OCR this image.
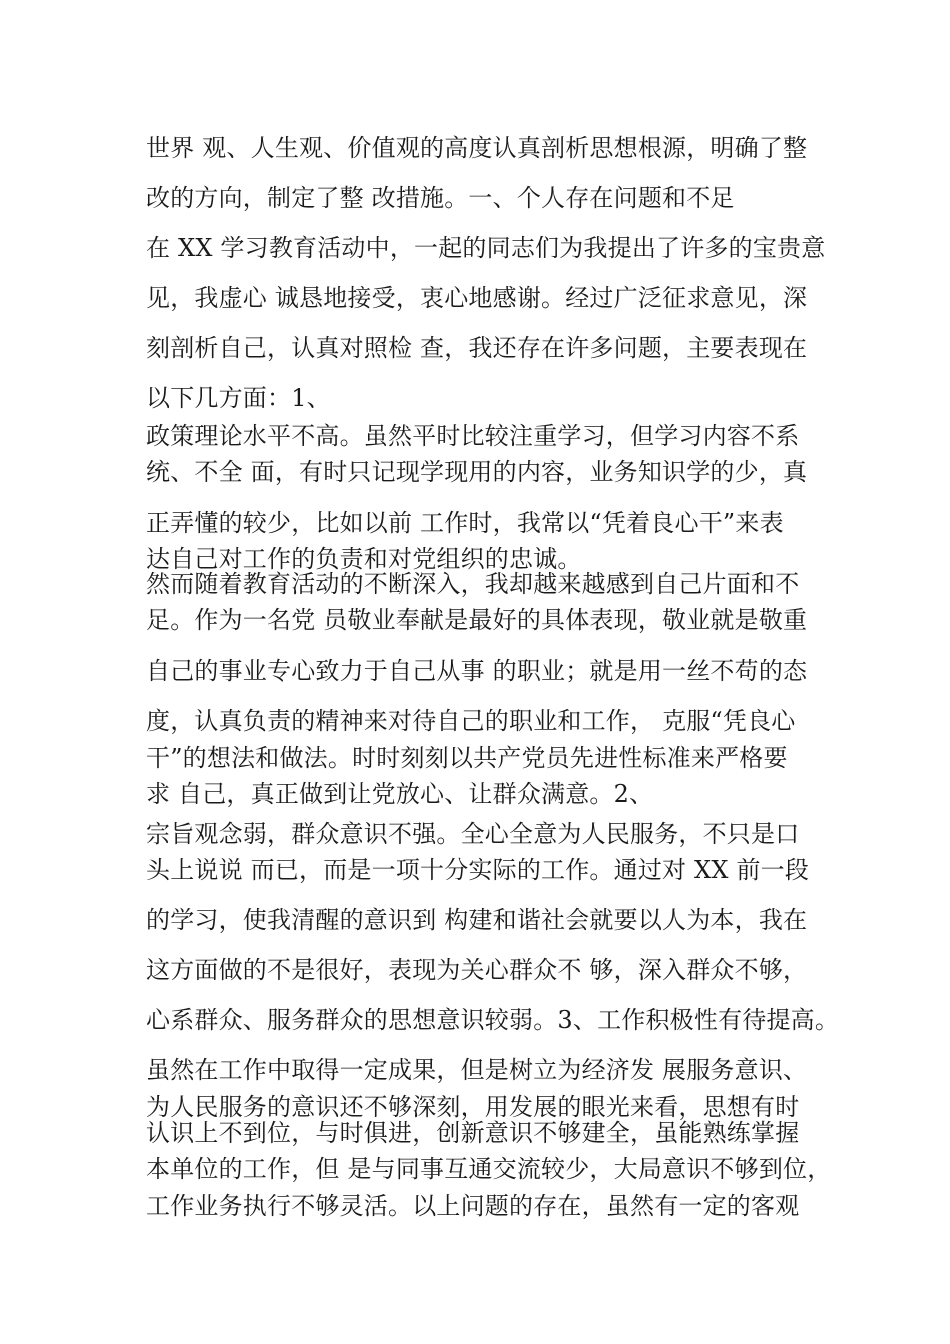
世界 观、人生观、价值观的高度认真剖析思想根源，明确了整
改的方向，制定了整 改措施。一、个人存在问题和不足
在 XX 学习教育活动中，一起的同志们为我提出了许多的宝贵意
见，我虚心 诚恳地接受，衷心地感谢。经过广泛征求意见，深
刻剖析自己，认真对照检 查，我还存在许多问题，主要表现在
以下几方面：1、
政策理论水平不高。虽然平时比较注重学习，但学习内容不系
统、不全 面，有时只记现学现用的内容，业务知识学的少，真
正弄懂的较少，比如以前 工作时，我常以“凭着良心干”来表
达自己对工作的负责和对党组织的忠诚。
然而随着教育活动的不断深入，我却越来越感到自己片面和不
足。作为一名党 员敬业奉献是最好的具体表现，敬业就是敬重
自己的事业专心致力于自己从事 的职业；就是用一丝不苟的态
度，认真负责的精神来对待自己的职业和工作， 克服“凭良心
干”的想法和做法。时时刻刻以共产党员先进性标准来严格要
求 自己，真正做到让党放心、让群众满意。2、
宗旨观念弱，群众意识不强。全心全意为人民服务，不只是口
头上说说 而已，而是一项十分实际的工作。通过对 XX 前一段
的学习，使我清醒的意识到 构建和谐社会就要以人为本，我在
这方面做的不是很好，表现为关心群众不 够，深入群众不够，
心系群众、服务群众的思想意识较弱。3、工作积极性有待提高。
虽然在工作中取得一定成果，但是树立为经济发 展服务意识、
为人民服务的意识还不够深刻，用发展的眼光来看，思想有时
认识上不到位，与时俱进，创新意识不够建全，虽能熟练掌握
本单位的工作，但 是与同事互通交流较少，大局意识不够到位，
工作业务执行不够灵活。以上问题的存在，虽然有一定的客观
